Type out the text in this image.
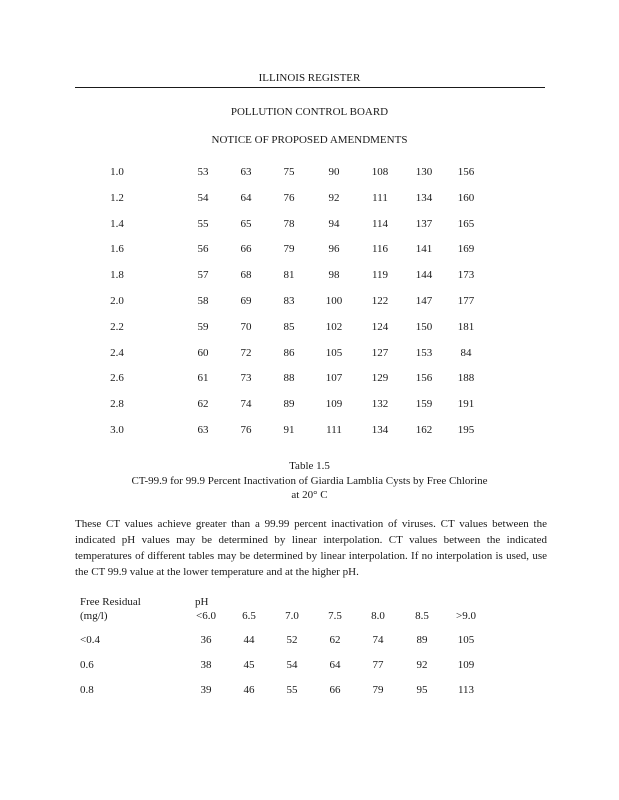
ILLINOIS REGISTER
POLLUTION CONTROL BOARD
NOTICE OF PROPOSED AMENDMENTS
1.0	53	63	75	90	108	130	156
1.2	54	64	76	92	111	134	160
1.4	55	65	78	94	114	137	165
1.6	56	66	79	96	116	141	169
1.8	57	68	81	98	119	144	173
2.0	58	69	83	100	122	147	177
2.2	59	70	85	102	124	150	181
2.4	60	72	86	105	127	153	84
2.6	61	73	88	107	129	156	188
2.8	62	74	89	109	132	159	191
3.0	63	76	91	111	134	162	195
Table 1.5
CT-99.9 for 99.9 Percent Inactivation of Giardia Lamblia Cysts by Free Chlorine
at 20° C
These CT values achieve greater than a 99.99 percent inactivation of viruses. CT values between the indicated pH values may be determined by linear interpolation. CT values between the indicated temperatures of different tables may be determined by linear interpolation. If no interpolation is used, use the CT 99.9 value at the lower temperature and at the higher pH.
Free Residual
(mg/l)
pH
<6.0	6.5	7.0	7.5	8.0	8.5	>9.0
<0.4	36	44	52	62	74	89	105
0.6	38	45	54	64	77	92	109
0.8	39	46	55	66	79	95	113
